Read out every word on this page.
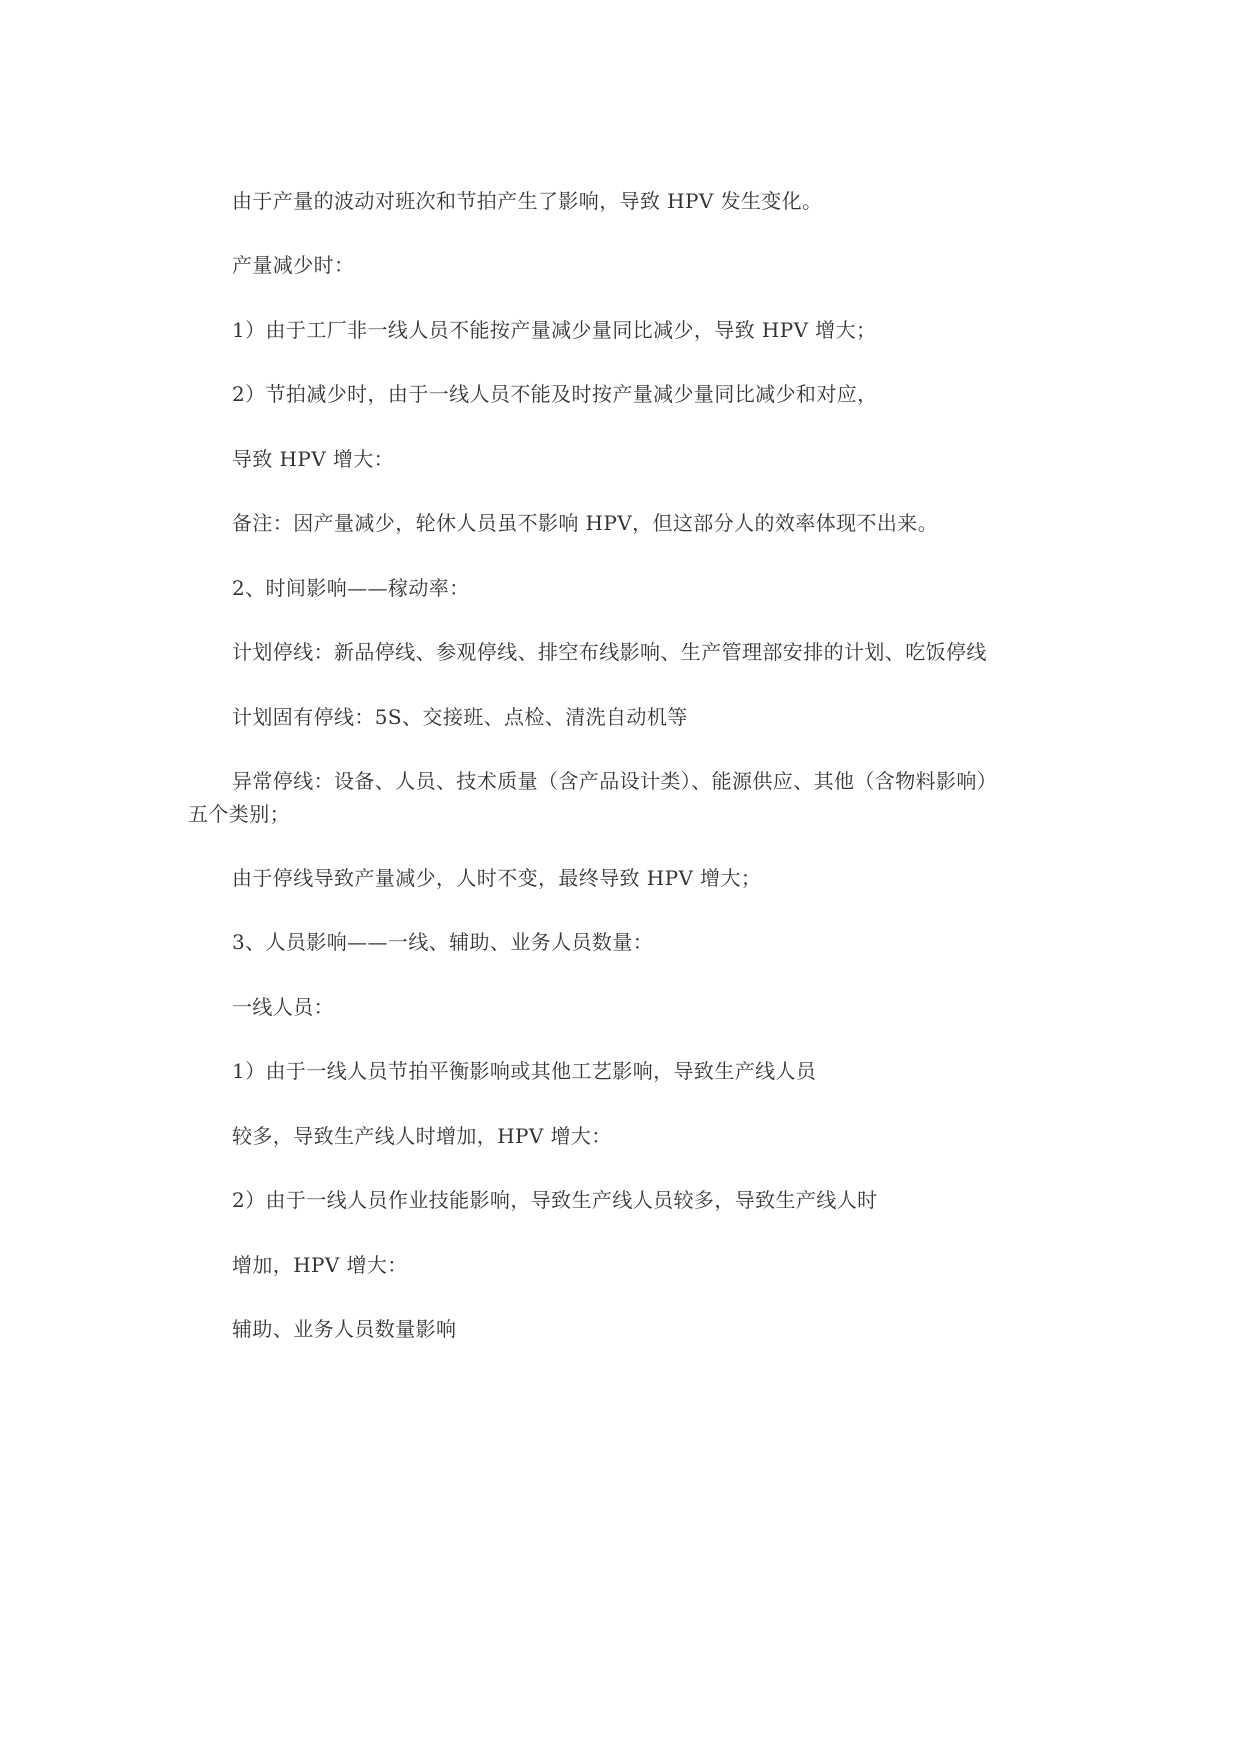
由于产量的波动对班次和节拍产生了影响，导致 HPV 发生变化。
产量减少时：
1）由于工厂非一线人员不能按产量减少量同比减少，导致 HPV 增大；
2）节拍减少时，由于一线人员不能及时按产量减少量同比减少和对应，
导致 HPV 增大：
备注：因产量减少，轮休人员虽不影响 HPV，但这部分人的效率体现不出来。
2、时间影响——稼动率：
计划停线：新品停线、参观停线、排空布线影响、生产管理部安排的计划、吃饭停线
计划固有停线：5S、交接班、点检、清洗自动机等
异常停线：设备、人员、技术质量（含产品设计类）、能源供应、其他（含物料影响）
五个类别；
由于停线导致产量减少，人时不变，最终导致 HPV 增大；
3、人员影响——一线、辅助、业务人员数量：
一线人员：
1）由于一线人员节拍平衡影响或其他工艺影响，导致生产线人员
较多，导致生产线人时增加，HPV 增大：
2）由于一线人员作业技能影响，导致生产线人员较多，导致生产线人时
增加，HPV 增大：
辅助、业务人员数量影响
